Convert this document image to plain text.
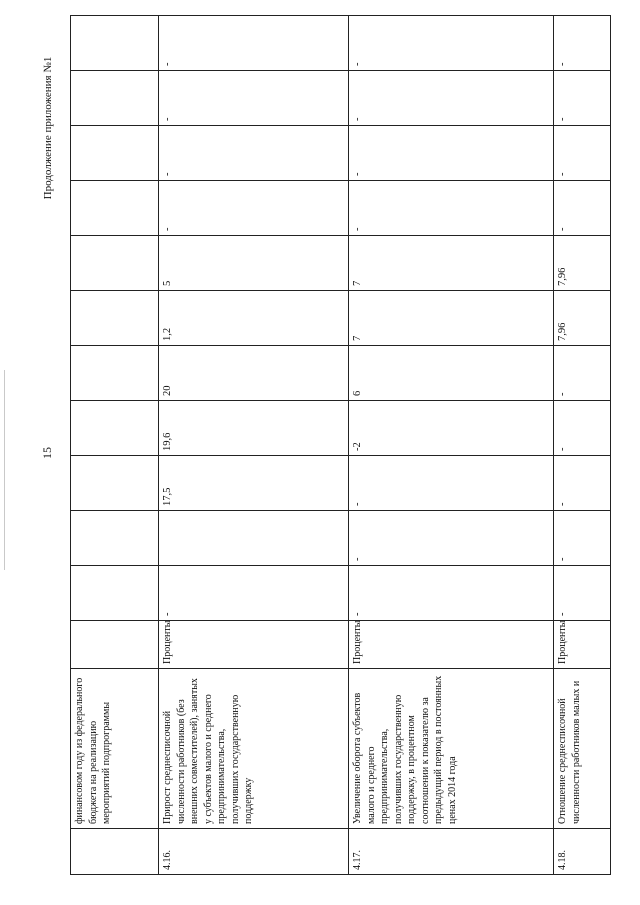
15
Продолжение приложения №1
	финансовом году из федерального бюджета на реализацию мероприятий подпрограммы												
4.16.	Прирост среднесписочной численности работников (без внешних совместителей), занятых у субъектов малого и среднего предпринимательства, получивших государственную поддержку	Проценты	-		17,5	19,6	20	1,2	5	-	-	-	-
4.17.	Увеличение оборота субъектов малого и среднего предпринимательства, получивших государственную поддержку, в процентном соотношении к показателю за предыдущий период в постоянных ценах 2014 года	Проценты	-	-	-	-2	6	7	7	-	-	-	-
4.18.	Отношение среднесписочной численности работников малых и	Проценты	-	-	-	-	-	7,96	7,96	-	-	-	-
